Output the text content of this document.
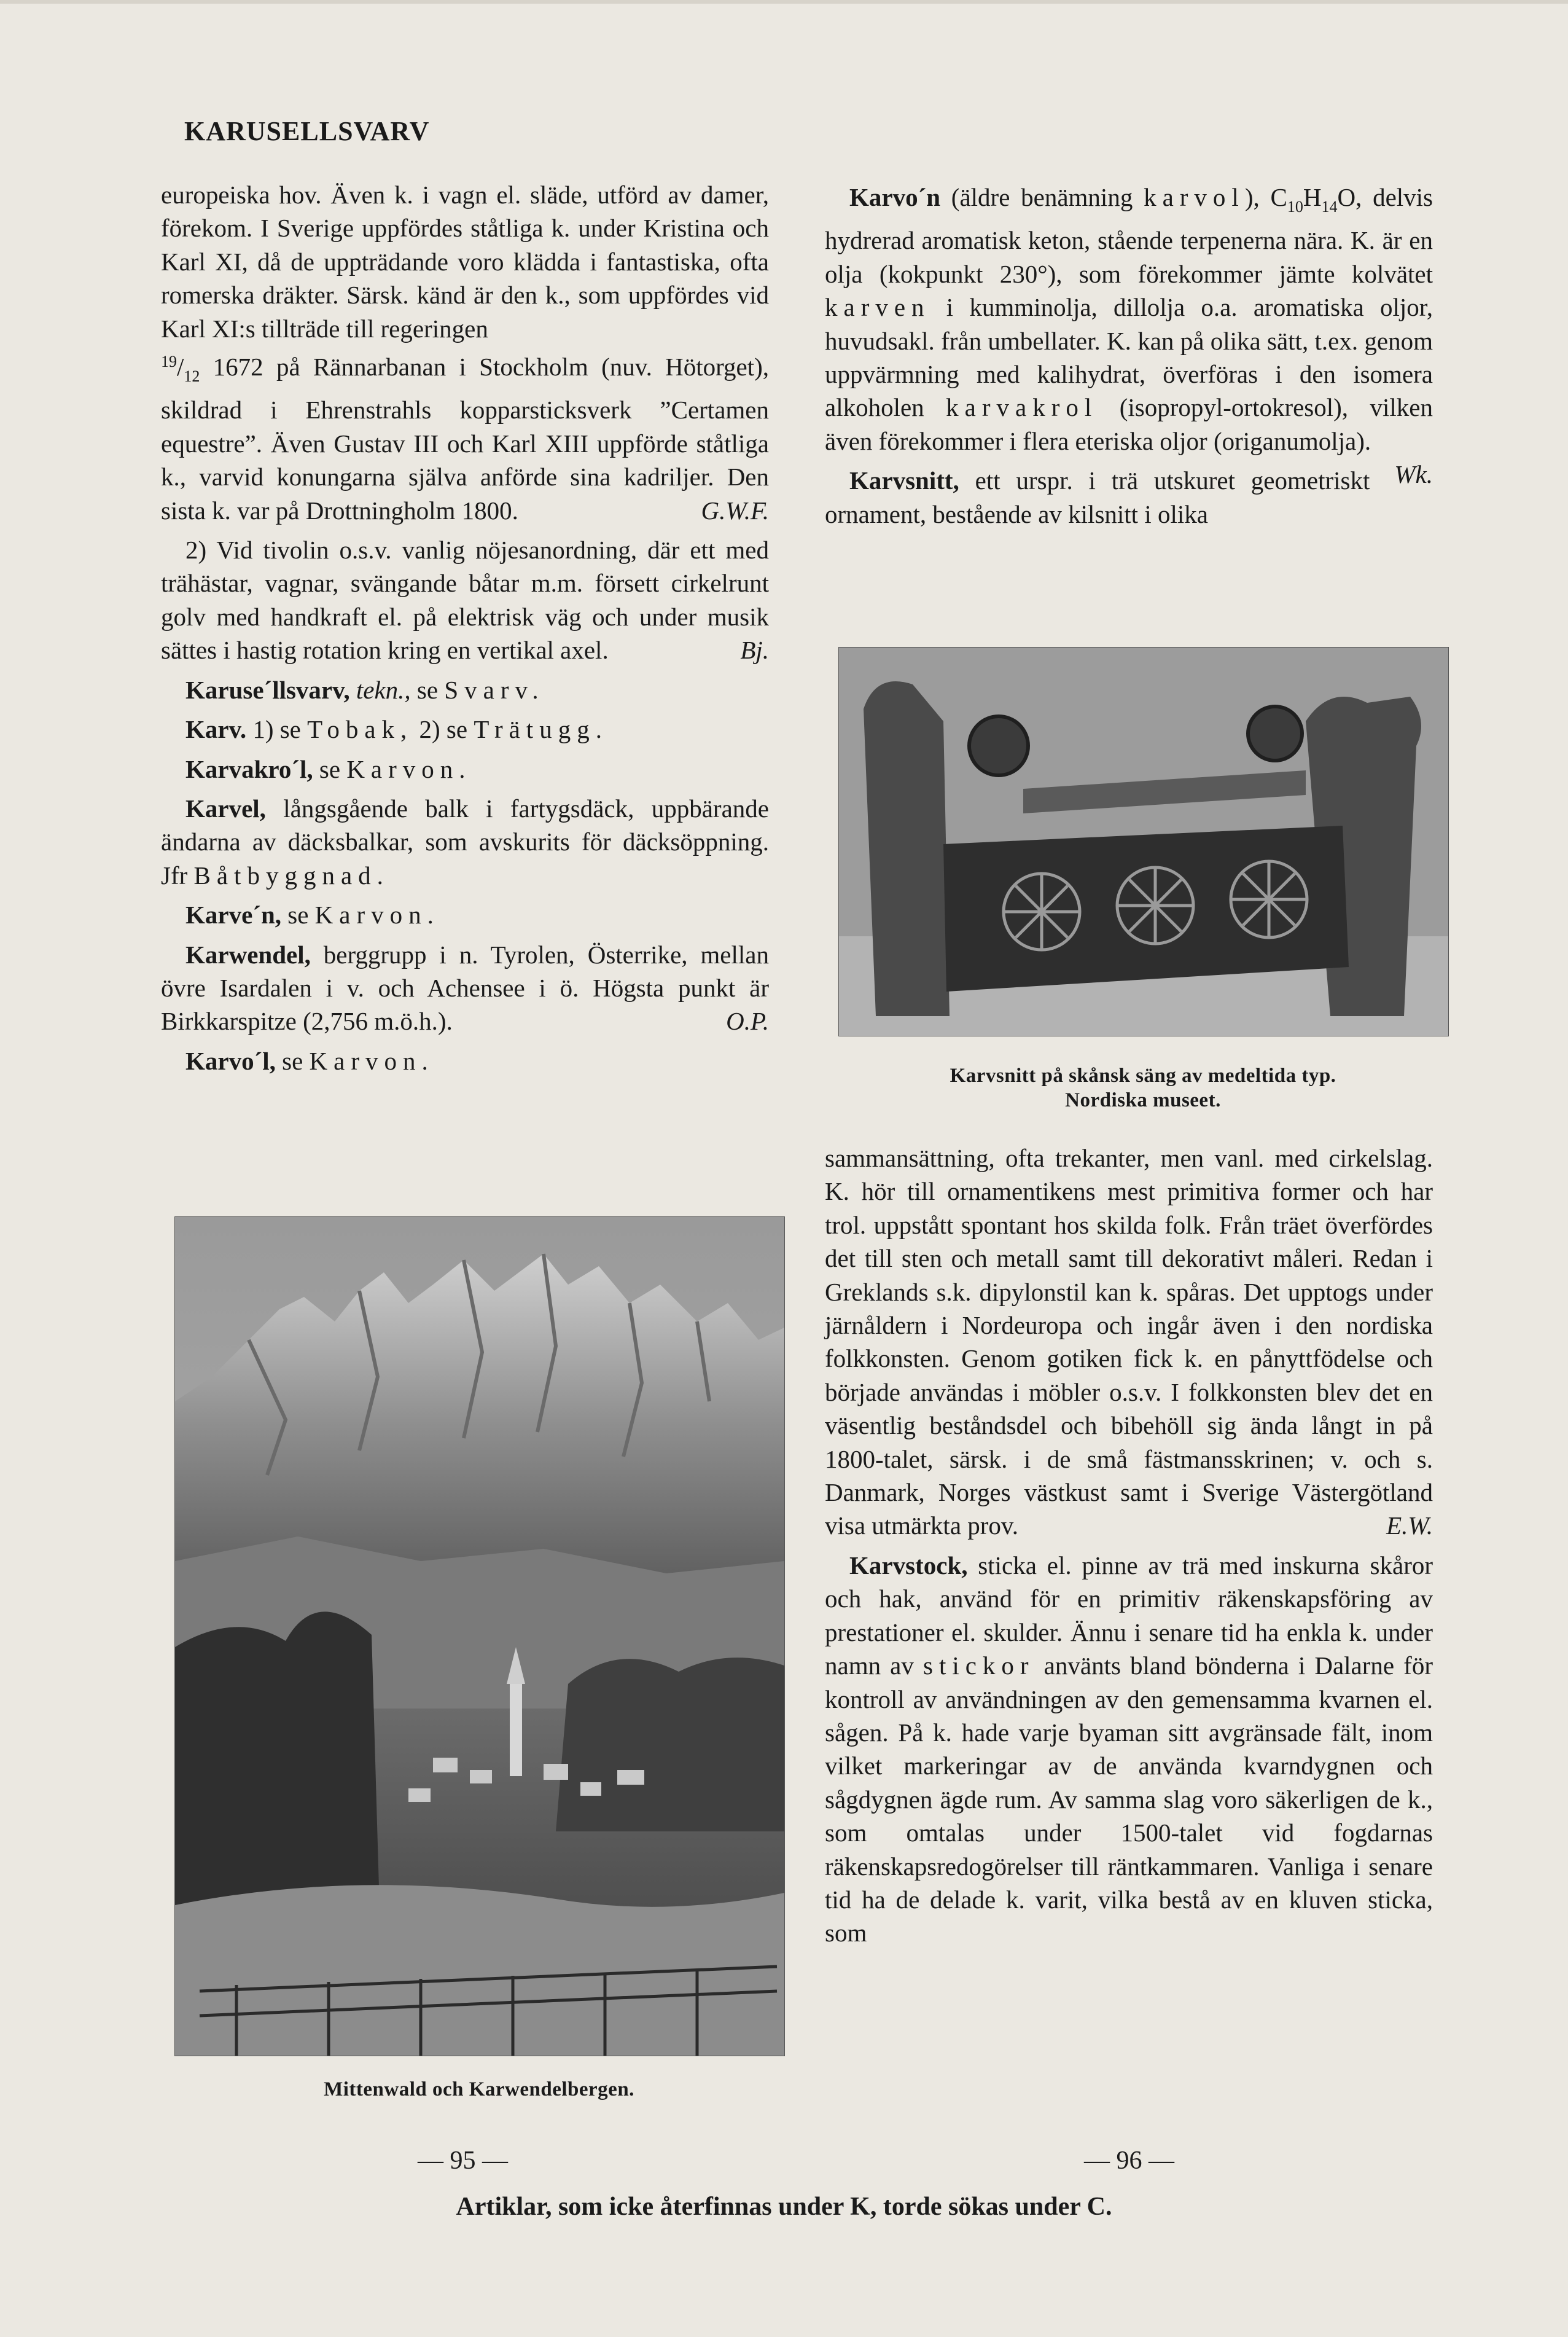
KARUSELLSVARV

europeiska hov. Även k. i vagn el. släde, utförd av damer, förekom. I Sverige uppfördes ståtliga k. under Kristina och Karl XI, då de uppträdande voro klädda i fantastiska, ofta romerska dräkter. Särsk. känd är den k., som uppfördes vid Karl XI:s tillträde till regeringen

$^{19}/_{12}$ 1672 på Rännarbanan i Stockholm (nuv. Hötorget), skildrad i Ehrenstrahls kopparsticksverk ”Certamen equestre”. Även Gustav III och Karl XIII uppförde ståtliga k., varvid konungarna själva anförde sina kadriljer. Den sista k. var på Drottningholm 1800.	G.W.F.

2) Vid tivolin o.s.v. vanlig nöjesanordning, där ett med trähästar, vagnar, svängande båtar m.m. försett cirkelrunt golv med handkraft el. på elektrisk väg och under musik sättes i hastig rotation kring en vertikal axel.	Bj.

Karuse´llsvarv, tekn., se Svarv.

Karv. 1) se Tobak, 2) se Trätugg.

Karvakro´l, se Karvon.

Karvel, långsgående balk i fartygsdäck, uppbärande ändarna av däcksbalkar, som avskurits för däcksöppning. Jfr Båtbyggnad.

Karve´n, se Karvon.

Karwendel, berggrupp i n. Tyrolen, Österrike, mellan övre Isardalen i v. och Achensee i ö. Högsta punkt är Birkkarspitze (2,756 m.ö.h.).	O.P.

Karvo´l, se Karvon.

Karvo´n (äldre benämning karvol), $C_{10}H_{14}O$, delvis hydrerad aromatisk keton, stående terpenerna nära. K. är en olja (kokpunkt 230°), som förekommer jämte kolvätet karven i kumminolja, dillolja o.a. aromatiska oljor, huvudsakl. från umbellater. K. kan på olika sätt, t.ex. genom uppvärmning med kalihydrat, överföras i den isomera alkoholen karvakrol (isopropyl-ortokresol), vilken även förekommer i flera eteriska oljor (origanumolja).
Wk.

Karvsnitt, ett urspr. i trä utskuret geometriskt ornament, bestående av kilsnitt i olika

sammansättning, ofta trekanter, men vanl. med cirkelslag. K. hör till ornamentikens mest primitiva former och har trol. uppstått spontant hos skilda folk. Från träet överfördes det till sten och metall samt till dekorativt måleri. Redan i Greklands s.k. dipylonstil kan k. spåras. Det upptogs under järnåldern i Nordeuropa och ingår även i den nordiska folkkonsten. Genom gotiken fick k. en pånyttfödelse och började användas i möbler o.s.v. I folkkonsten blev det en väsentlig beståndsdel och bibehöll sig ända långt in på 1800-talet, särsk. i de små fästmansskrinen; v. och s. Danmark, Norges västkust samt i Sverige Västergötland visa utmärkta prov.	E.W.

Karvstock, sticka el. pinne av trä med inskurna skåror och hak, använd för en primitiv räkenskapsföring av prestationer el. skulder. Ännu i senare tid ha enkla k. under namn av stickor använts bland bönderna i Dalarne för kontroll av användningen av den gemensamma kvarnen el. sågen. På k. hade varje byaman sitt avgränsade fält, inom vilket markeringar av de använda kvarndygnen och sågdygnen ägde rum. Av samma slag voro säkerligen de k., som omtalas under 1500-talet vid fogdarnas räkenskapsredogörelser till räntkammaren. Vanliga i senare tid ha de delade k. varit, vilka bestå av en kluven sticka, som

Mittenwald och Karwendelbergen.
Karvsnitt på skånsk säng av medeltida typ.
Nordiska museet.
— 95 —	— 96 —
Artiklar, som icke återfinnas under K, torde sökas under C.
